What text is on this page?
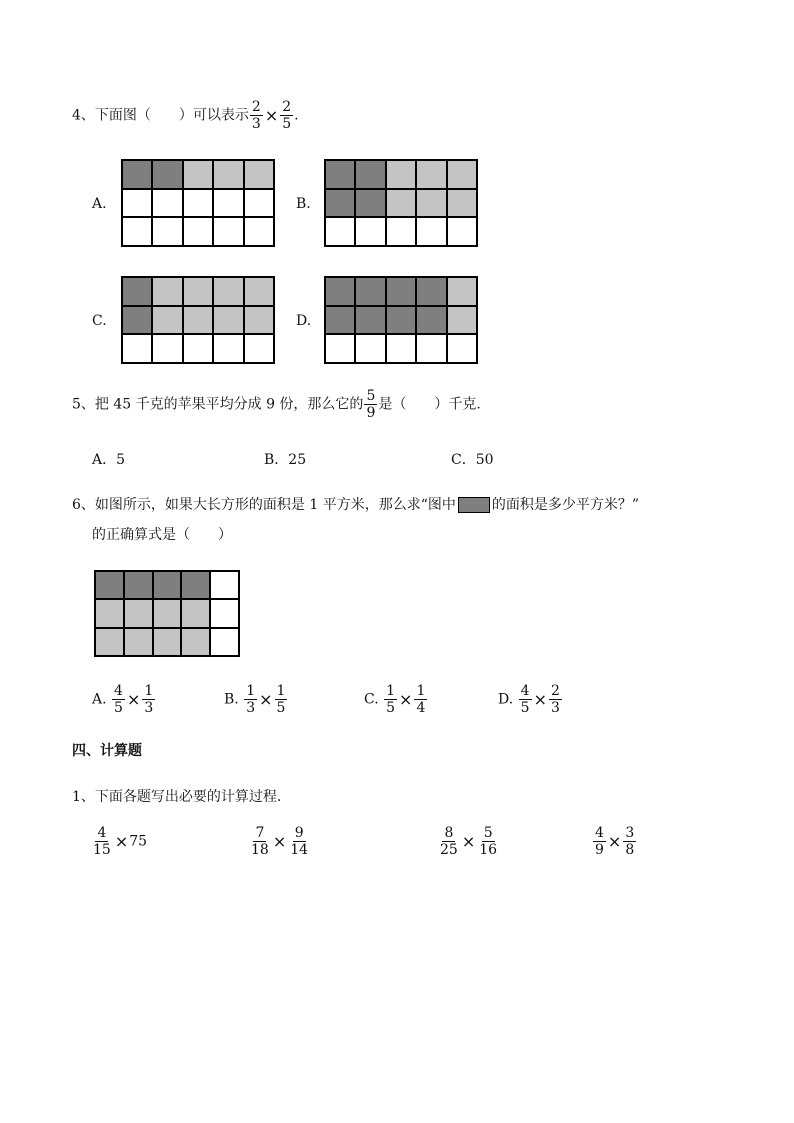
4、下面图（　　）可以表示 $\frac{2}{3} \times \frac{2}{5}$ .
A.	B.
C.	D.
5、把 45 千克的苹果平均分成 9 份，那么它的 $\frac{5}{9}$ 是（　　）千克.
A．5	B．25	C．50
6、如图所示，如果大长方形的面积是 1 平方米，那么求“图中	的面积是多少平方米？”
的正确算式是（　　）
A. $\frac{4}{5} \times \frac{1}{3}$	B. $\frac{1}{3} \times \frac{1}{5}$	C. $\frac{1}{5} \times \frac{1}{4}$	D. $\frac{4}{5} \times \frac{2}{3}$
四、计算题
1、下面各题写出必要的计算过程.
$\frac{4}{15} \times 75$	$\frac{7}{18} \times \frac{9}{14}$	$\frac{8}{25} \times \frac{5}{16}$	$\frac{4}{9} \times \frac{3}{8}$
